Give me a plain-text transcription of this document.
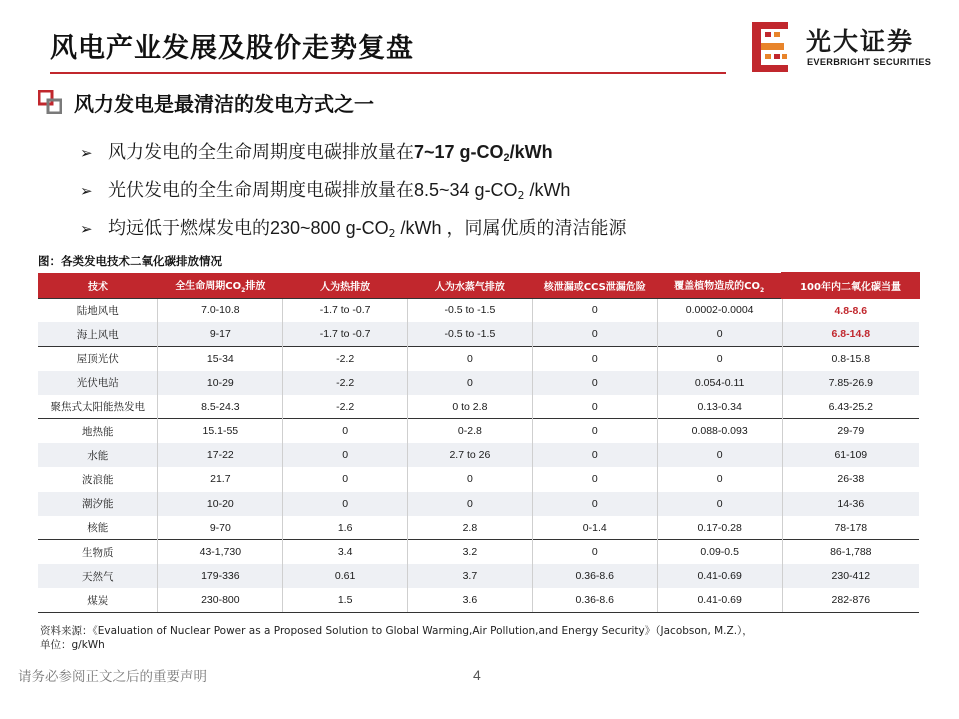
风电产业发展及股价走势复盘	光大证券
EVERBRIGHT SECURITIES
风力发电是最清洁的发电方式之一
➢ 风力发电的全生命周期度电碳排放量在7~17 $g-CO_2$/kWh
➢ 光伏发电的全生命周期度电碳排放量在8.5~34 $g-CO_2$ /kWh
➢ 均远低于燃煤发电的230~800 $g-CO_2$ /kWh ，同属优质的清洁能源
图：各类发电技术二氧化碳排放情况
技术	全生命周期$CO_2$排放	人为热排放	人为水蒸气排放	核泄漏或CCS泄漏危险	覆盖植物造成的$CO_2$	100年内二氧化碳当量
陆地风电	7.0-10.8	-1.7 to -0.7	-0.5 to -1.5	0	0.0002-0.0004	4.8-8.6
海上风电	9-17	-1.7 to -0.7	-0.5 to -1.5	0	0	6.8-14.8
屋顶光伏	15-34	-2.2	0	0	0	0.8-15.8
光伏电站	10-29	-2.2	0	0	0.054-0.11	7.85-26.9
聚焦式太阳能热发电	8.5-24.3	-2.2	0 to 2.8	0	0.13-0.34	6.43-25.2
地热能	15.1-55	0	0-2.8	0	0.088-0.093	29-79
水能	17-22	0	2.7 to 26	0	0	61-109
波浪能	21.7	0	0	0	0	26-38
潮汐能	10-20	0	0	0	0	14-36
核能	9-70	1.6	2.8	0-1.4	0.17-0.28	78-178
生物质	43-1,730	3.4	3.2	0	0.09-0.5	86-1,788
天然气	179-336	0.61	3.7	0.36-8.6	0.41-0.69	230-412
煤炭	230-800	1.5	3.6	0.36-8.6	0.41-0.69	282-876
资料来源：《Evaluation of Nuclear Power as a Proposed Solution to Global Warming,Air Pollution,and Energy Security》（Jacobson, M.Z.），
单位：g/kWh
请务必参阅正文之后的重要声明	4
